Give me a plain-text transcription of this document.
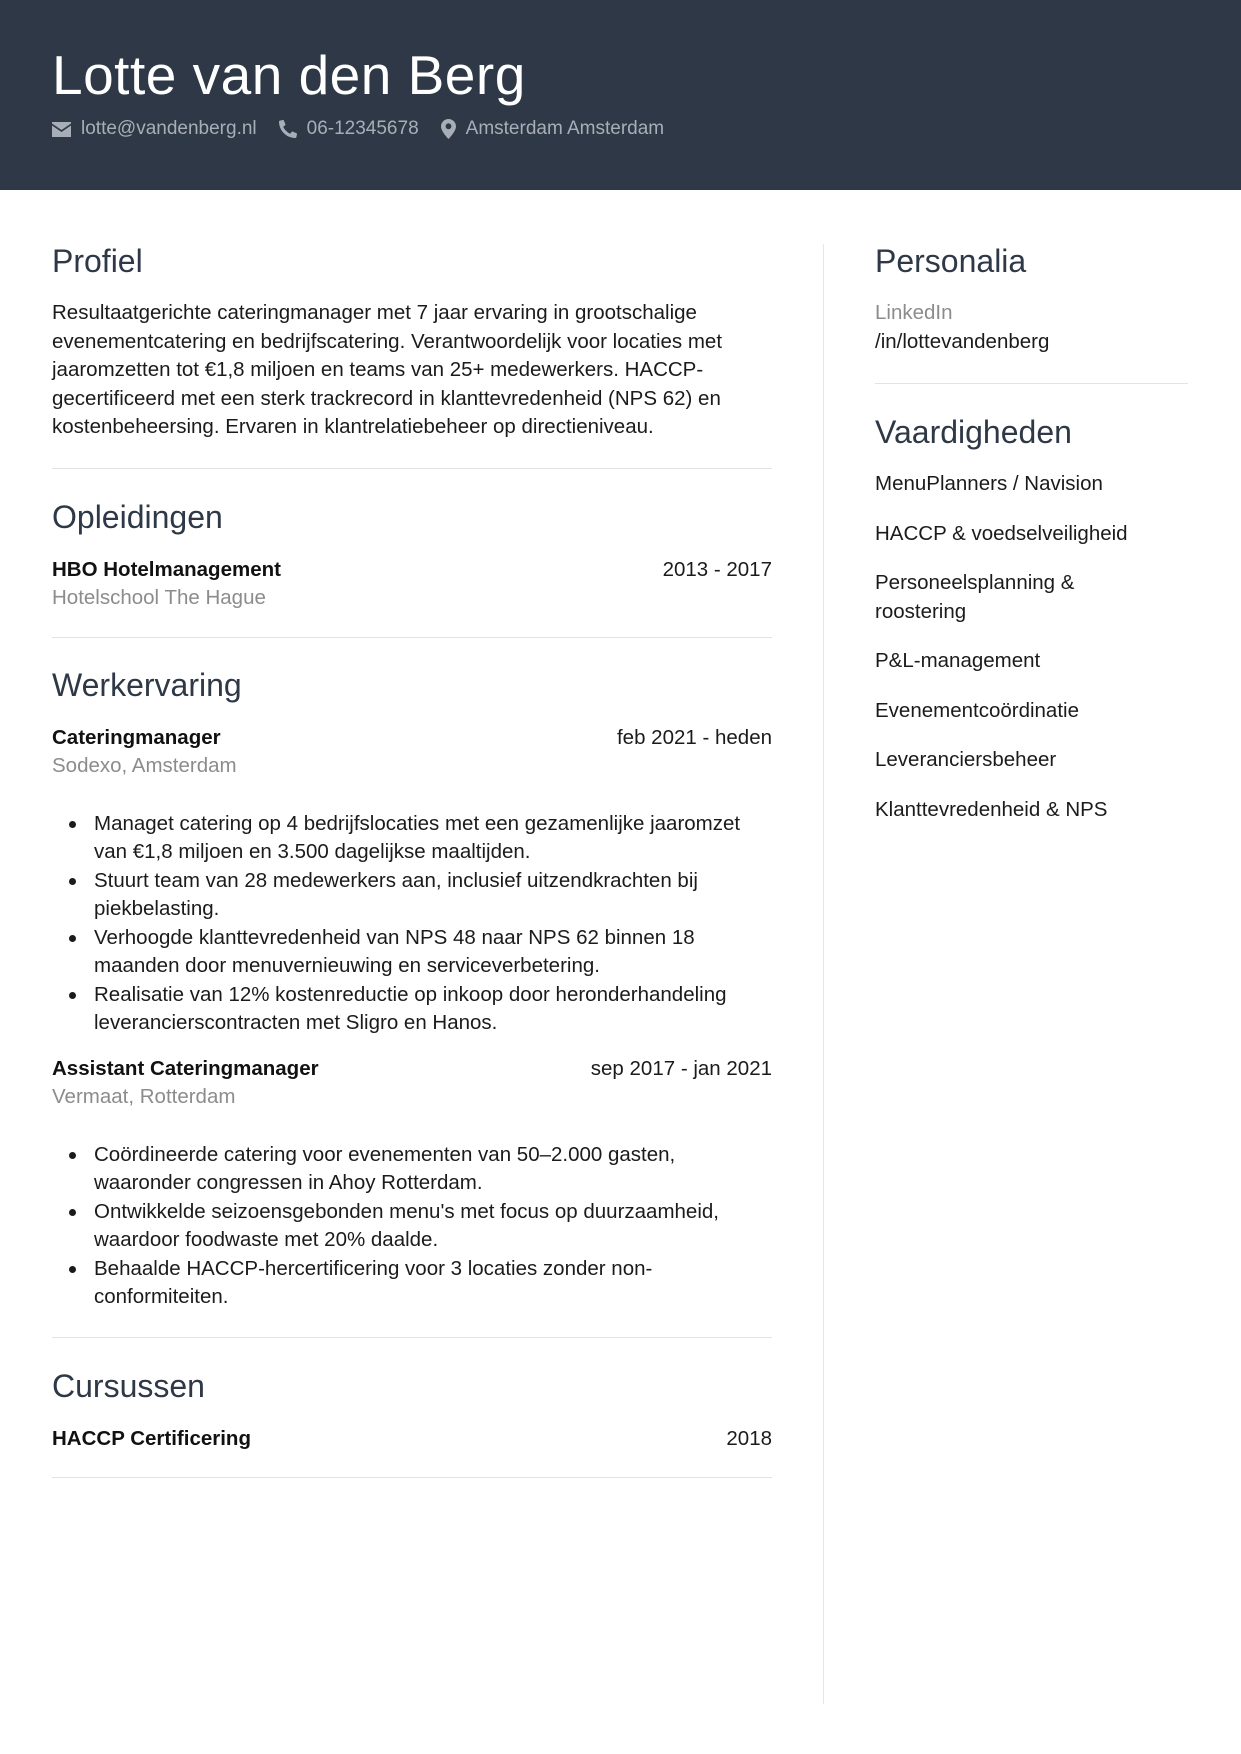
Lotte van den Berg
lotte@vandenberg.nl	06-12345678 Amsterdam Amsterdam
Profiel

Resultaatgerichte cateringmanager met 7 jaar ervaring in grootschalige evenementcatering en bedrijfscatering. Verantwoordelijk voor locaties met jaaromzetten tot €1,8 miljoen en teams van 25+ medewerkers. HACCP-gecertificeerd met een sterk trackrecord in klanttevredenheid (NPS 62) en kostenbeheersing. Ervaren in klantrelatiebeheer op directieniveau.

Opleidingen
HBO Hotelmanagement	2013 - 2017
Hotelschool The Hague
Werkervaring
Cateringmanager	feb 2021 - heden
Sodexo, Amsterdam
Managet catering op 4 bedrijfslocaties met een gezamenlijke jaaromzet van €1,8 miljoen en 3.500 dagelijkse maaltijden.
Stuurt team van 28 medewerkers aan, inclusief uitzendkrachten bij piekbelasting.
Verhoogde klanttevredenheid van NPS 48 naar NPS 62 binnen 18 maanden door menuvernieuwing en serviceverbetering.
Realisatie van 12% kostenreductie op inkoop door heronderhandeling leverancierscontracten met Sligro en Hanos.
Assistant Cateringmanager	sep 2017 - jan 2021
Vermaat, Rotterdam
Coördineerde catering voor evenementen van 50–2.000 gasten, waaronder congressen in Ahoy Rotterdam.
Ontwikkelde seizoensgebonden menu's met focus op duurzaamheid, waardoor foodwaste met 20% daalde.
Behaalde HACCP-hercertificering voor 3 locaties zonder non-conformiteiten.
Cursussen
HACCP Certificering	2018
Personalia
LinkedIn
/in/lottevandenberg
Vaardigheden
MenuPlanners / Navision
HACCP & voedselveiligheid
Personeelsplanning & roostering
P&L-management
Evenementcoördinatie
Leveranciersbeheer
Klanttevredenheid & NPS
